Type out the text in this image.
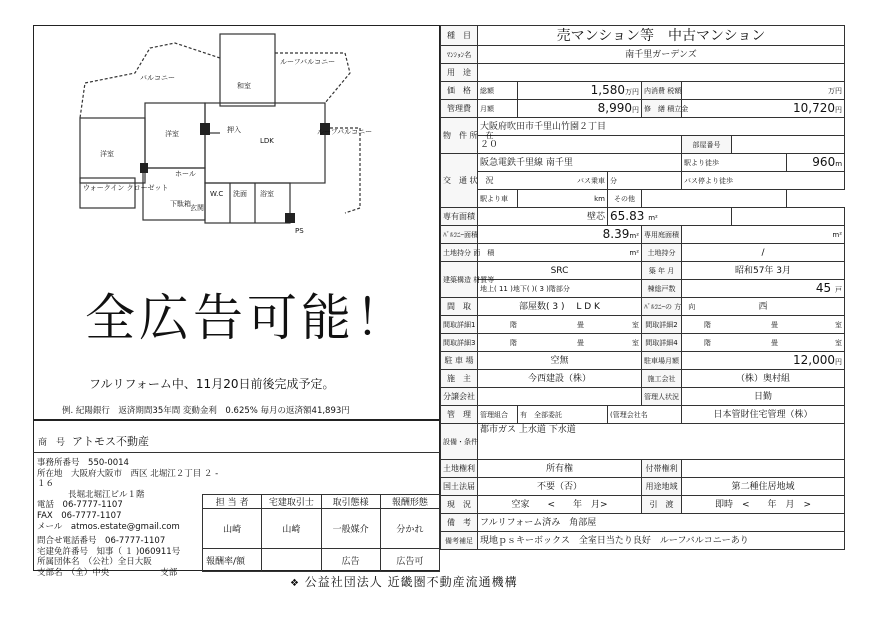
和室
洋室
洋室
LDK
ウォークイン クローゼット
ホール
玄関
押入
W.C 洗面 浴室
下駄箱
PS
バルコニー
ルーフバルコニー
ルーフバルコニー
全広告可能！
フルリフォーム中、11月20日前後完成予定。
例. 紀陽銀行　返済期間35年間 変動金利　0.625% 毎月の返済額41,893円
商　号 アトモス不動産
事務所番号　 550-0014
所在地　 大阪府大阪市　西区 北堀江２丁目 ２ - １６
長堀北堀江ビル１階
電話　 06-7777-1107
FAX　 06-7777-1107
メール　 atmos.estate@gmail.com
問合せ電話番号　 06-7777-1107
宅建免許番号　 知事（ １ )060911号
所属団体名　 （公社）全日大阪
支部名　 （全）中央　　　　　　支部
担 当 者	宅建取引士	取引態様	報酬形態
山崎	山崎	一般媒介	分かれ
報酬率/額		広告	広告可
種　目	売マンション等　中古マンション						
ﾏﾝｼｮﾝ名	南千里ガーデンズ						
用　途							
価　格	総額	1,580万円		内消費 税額	万円		
管理費	月額	8,990円		修　繕 積立金	10,720円		
物　件 所　在	大阪府吹田市千里山竹園２丁目						
	２０				部屋番号		
交　通 状　況	阪急電鉄千里線 南千里				駅より徒歩		960m
	バス乗車		分		バス停より徒歩		
	駅より車	km	その他				
専有面積	壁芯		65.83 m²				
ﾊﾞﾙｺﾆｰ面積	8.39m²			専用庭面積	m²		
土地持分 面　積	m²			土地持分	/		
建築構造 材質等	SRC			築 年 月	昭和57年 3月		
	地上( 11 )地下( )( 3 )階部分			棟総戸数	45 戸		
間　取	部屋数( 3 )　 L D K			ﾊﾞﾙｺﾆｰの 方　向	西		
間取詳細1	階 畳 室			間取詳細2	階 畳 室		

間取詳細3	階 畳 室			間取詳細4	階 畳 室		

駐 車 場	空無			駐車場月額	12,000円		
施　主	今西建設（株）			施工会社	（株）奥村組		
分譲会社				管理人状況	日勤		
管　理	管理組合	有　 全部委託	(管理会社名		日本管財住宅管理（株）		
設備・条件	都市ガス 上水道 下水道						
土地権利	所有権			付帯権利			
国土法届	不要（否）			用途地域	第二種住居地域		
現　況	空家　　<　　年　月>			引　渡	即時　<　　年　月　>		
備　考	フルリフォーム済み　角部屋						
備考補足	現地ｐｓキーボックス　全室日当たり良好　ルーフバルコニーあり						
❖ 公益社団法人 近畿圏不動産流通機構
